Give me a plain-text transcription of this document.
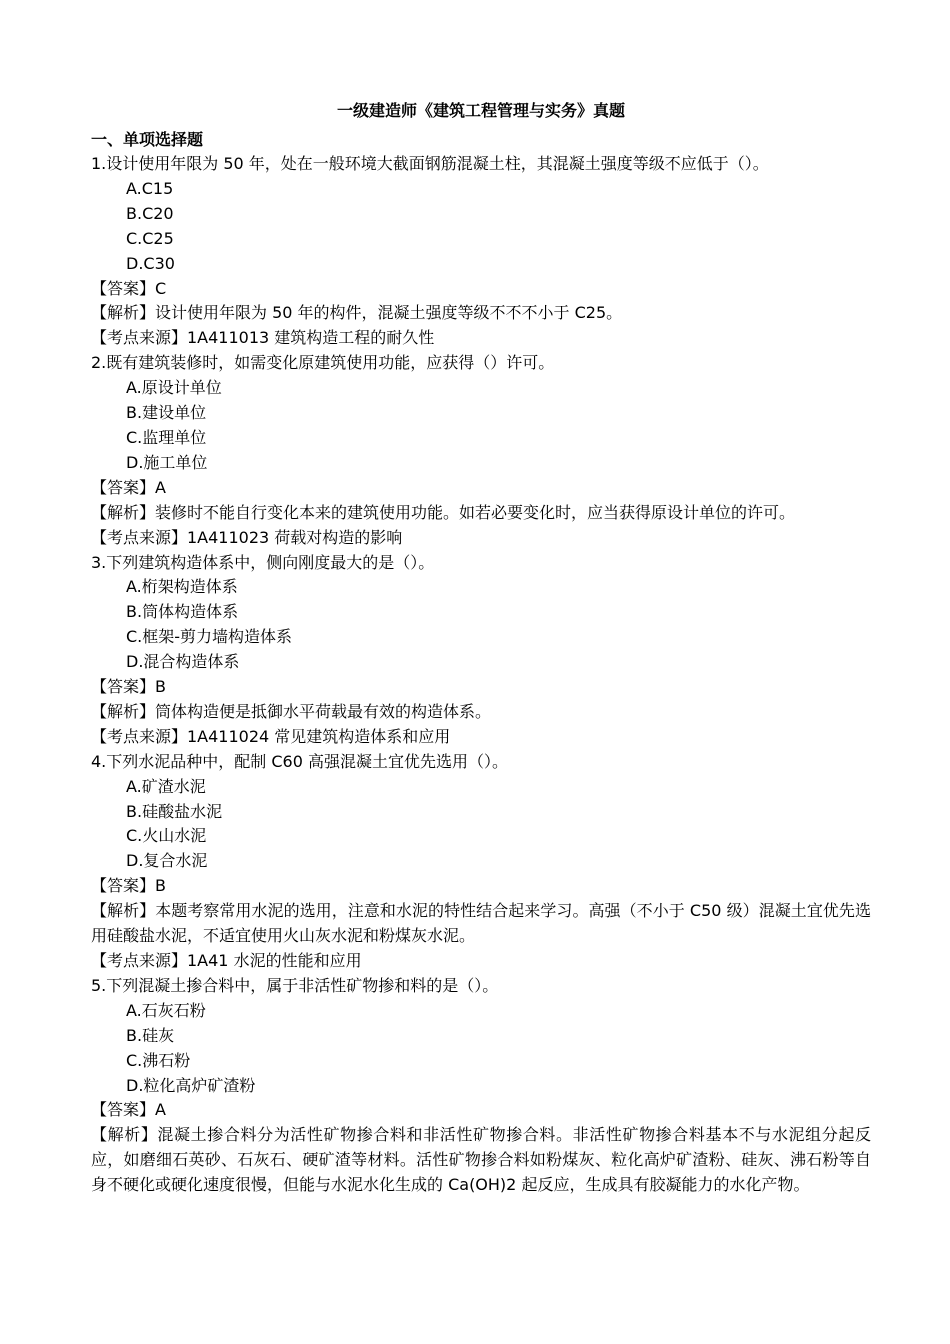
一级建造师《建筑工程管理与实务》真题

一、单项选择题

1.设计使用年限为 50 年，处在一般环境大截面钢筋混凝土柱，其混凝土强度等级不应低于（）。

A.C15

B.C20

C.C25

D.C30

【答案】C

【解析】设计使用年限为 50 年的构件，混凝土强度等级不不不小于 C25。

【考点来源】1A411013 建筑构造工程的耐久性

2.既有建筑装修时，如需变化原建筑使用功能，应获得（）许可。

A.原设计单位

B.建设单位

C.监理单位

D.施工单位

【答案】A

【解析】装修时不能自行变化本来的建筑使用功能。如若必要变化时，应当获得原设计单位的许可。

【考点来源】1A411023 荷载对构造的影响

3.下列建筑构造体系中，侧向刚度最大的是（）。

A.桁架构造体系

B.筒体构造体系

C.框架-剪力墙构造体系

D.混合构造体系

【答案】B

【解析】筒体构造便是抵御水平荷载最有效的构造体系。

【考点来源】1A411024 常见建筑构造体系和应用

4.下列水泥品种中，配制 C60 高强混凝土宜优先选用（）。

A.矿渣水泥

B.硅酸盐水泥

C.火山水泥

D.复合水泥

【答案】B

【解析】本题考察常用水泥的选用，注意和水泥的特性结合起来学习。高强（不小于 C50 级）混凝土宜优先选用硅酸盐水泥，不适宜使用火山灰水泥和粉煤灰水泥。

【考点来源】1A41 水泥的性能和应用

5.下列混凝土掺合料中，属于非活性矿物掺和料的是（）。

A.石灰石粉

B.硅灰

C.沸石粉

D.粒化高炉矿渣粉

【答案】A

【解析】混凝土掺合料分为活性矿物掺合料和非活性矿物掺合料。非活性矿物掺合料基本不与水泥组分起反应，如磨细石英砂、石灰石、硬矿渣等材料。活性矿物掺合料如粉煤灰、粒化高炉矿渣粉、硅灰、沸石粉等自身不硬化或硬化速度很慢，但能与水泥水化生成的 Ca(OH)2 起反应，生成具有胶凝能力的水化产物。
